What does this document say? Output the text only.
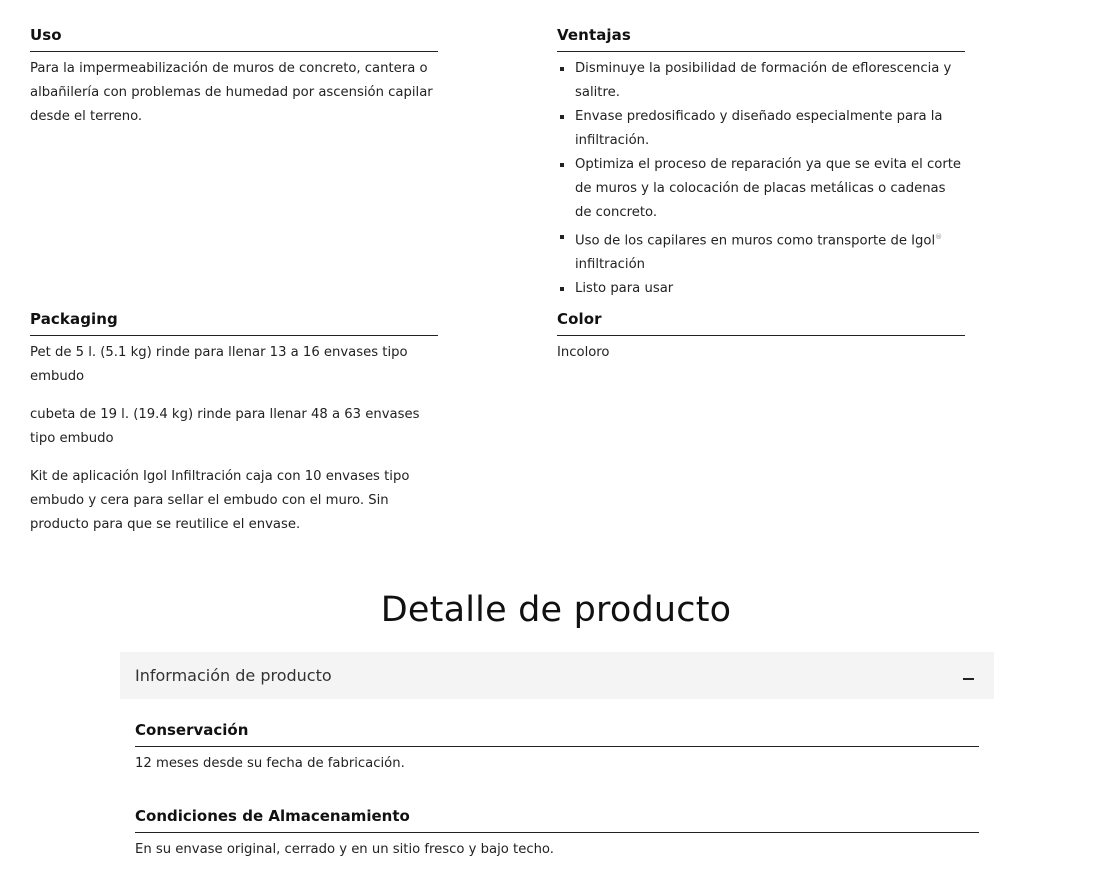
Uso

Para la impermeabilización de muros de concreto, cantera o albañilería con problemas de humedad por ascensión capilar desde el terreno.

Ventajas
Disminuye la posibilidad de formación de eflorescencia y salitre.
Envase predosificado y diseñado especialmente para la infiltración.
Optimiza el proceso de reparación ya que se evita el corte de muros y la colocación de placas metálicas o cadenas de concreto.
Uso de los capilares en muros como transporte de Igol® infiltración
Listo para usar
Packaging

Pet de 5 l. (5.1 kg) rinde para llenar 13 a 16 envases tipo embudo

cubeta de 19 l. (19.4 kg) rinde para llenar 48 a 63 envases tipo embudo

Kit de aplicación Igol Infiltración caja con 10 envases tipo embudo y cera para sellar el embudo con el muro. Sin producto para que se reutilice el envase.

Color

Incoloro

Detalle de producto
Información de producto
Conservación

12 meses desde su fecha de fabricación.

Condiciones de Almacenamiento

En su envase original, cerrado y en un sitio fresco y bajo techo.
